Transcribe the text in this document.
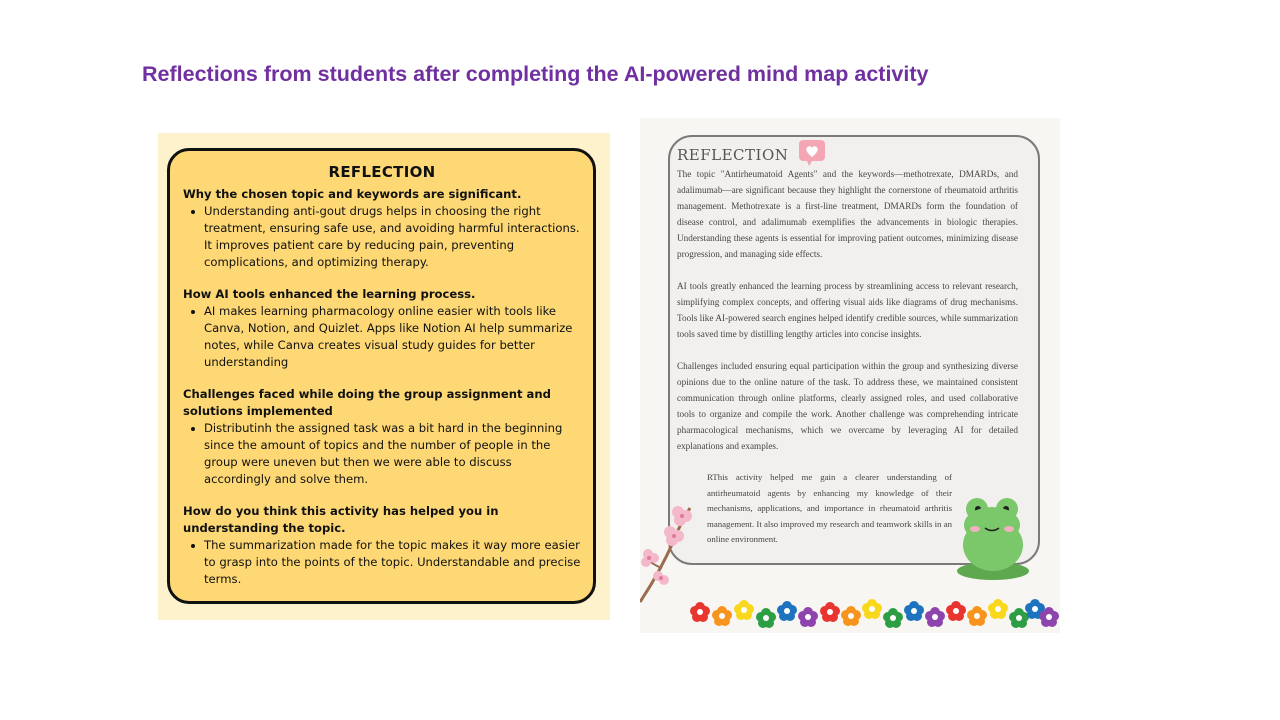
Reflections from students after completing the AI-powered mind map activity
REFLECTION
Why the chosen topic and keywords are significant.
Understanding anti-gout drugs helps in choosing the right treatment, ensuring safe use, and avoiding harmful interactions. It improves patient care by reducing pain, preventing complications, and optimizing therapy.
How AI tools enhanced the learning process.
AI makes learning pharmacology online easier with tools like Canva, Notion, and Quizlet. Apps like Notion AI help summarize notes, while Canva creates visual study guides for better understanding
Challenges faced while doing the group assignment and solutions implemented
Distributinh the assigned task was a bit hard in the beginning since the amount of topics and the number of people in the group were uneven but then we were able to discuss accordingly and solve them.
How do you think this activity has helped you in understanding the topic.
The summarization made for the topic makes it way more easier to grasp into the points of the topic. Understandable and precise terms.
REFLECTION
The topic "Antirheumatoid Agents" and the keywords—methotrexate, DMARDs, and adalimumab—are significant because they highlight the cornerstone of rheumatoid arthritis management. Methotrexate is a first-line treatment, DMARDs form the foundation of disease control, and adalimumab exemplifies the advancements in biologic therapies. Understanding these agents is essential for improving patient outcomes, minimizing disease progression, and managing side effects.
AI tools greatly enhanced the learning process by streamlining access to relevant research, simplifying complex concepts, and offering visual aids like diagrams of drug mechanisms. Tools like AI-powered search engines helped identify credible sources, while summarization tools saved time by distilling lengthy articles into concise insights.
Challenges included ensuring equal participation within the group and synthesizing diverse opinions due to the online nature of the task. To address these, we maintained consistent communication through online platforms, clearly assigned roles, and used collaborative tools to organize and compile the work. Another challenge was comprehending intricate pharmacological mechanisms, which we overcame by leveraging AI for detailed explanations and examples.
RThis activity helped me gain a clearer understanding of antirheumatoid agents by enhancing my knowledge of their mechanisms, applications, and importance in rheumatoid arthritis management. It also improved my research and teamwork skills in an online environment.
